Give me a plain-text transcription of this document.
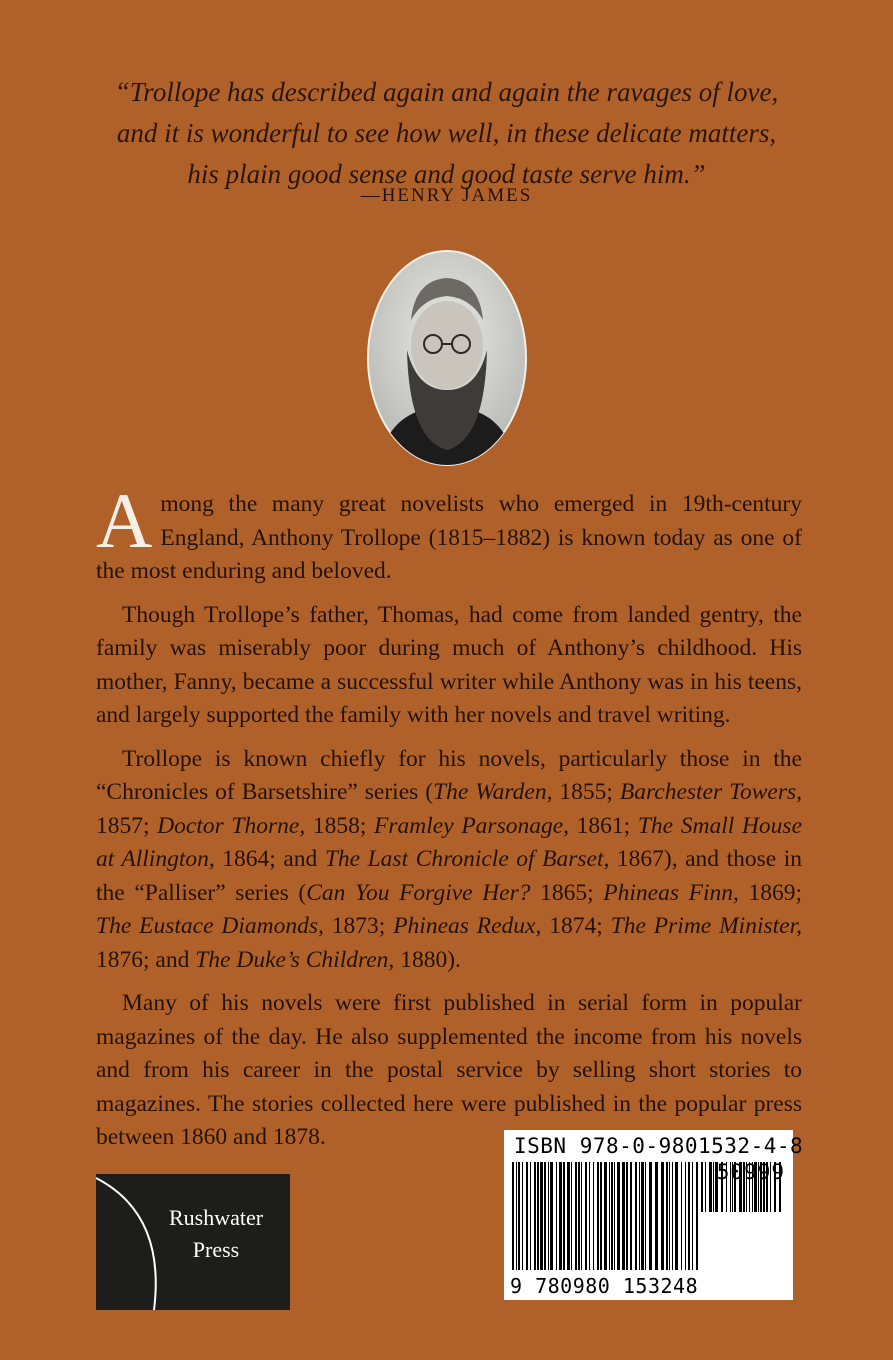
“Trollope has described again and again the ravages of love,
and it is wonderful to see how well, in these delicate matters,
his plain good sense and good taste serve him.”
—HENRY JAMES

Among the many great novelists who emerged in 19th-century England, Anthony Trollope (1815–1882) is known today as one of the most enduring and beloved.

Though Trollope’s father, Thomas, had come from landed gentry, the family was miserably poor during much of Anthony’s childhood. His mother, Fanny, became a successful writer while Anthony was in his teens, and largely supported the family with her novels and travel writing.

Trollope is known chiefly for his novels, particularly those in the “Chronicles of Barsetshire” series (The Warden, 1855; Barchester Towers, 1857; Doctor Thorne, 1858; Framley Parsonage, 1861; The Small House at Allington, 1864; and The Last Chronicle of Barset, 1867), and those in the “Palliser” series (Can You Forgive Her? 1865; Phineas Finn, 1869; The Eustace Diamonds, 1873; Phineas Redux, 1874; The Prime Minister, 1876; and The Duke’s Children, 1880).

Many of his novels were first published in serial form in popular magazines of the day. He also supplemented the income from his novels and from his career in the postal service by selling short stories to magazines. The stories collected here were published in the popular press between 1860 and 1878.

Rushwater
Press
ISBN 978-0-9801532-4-8
50999
9 780980 153248
